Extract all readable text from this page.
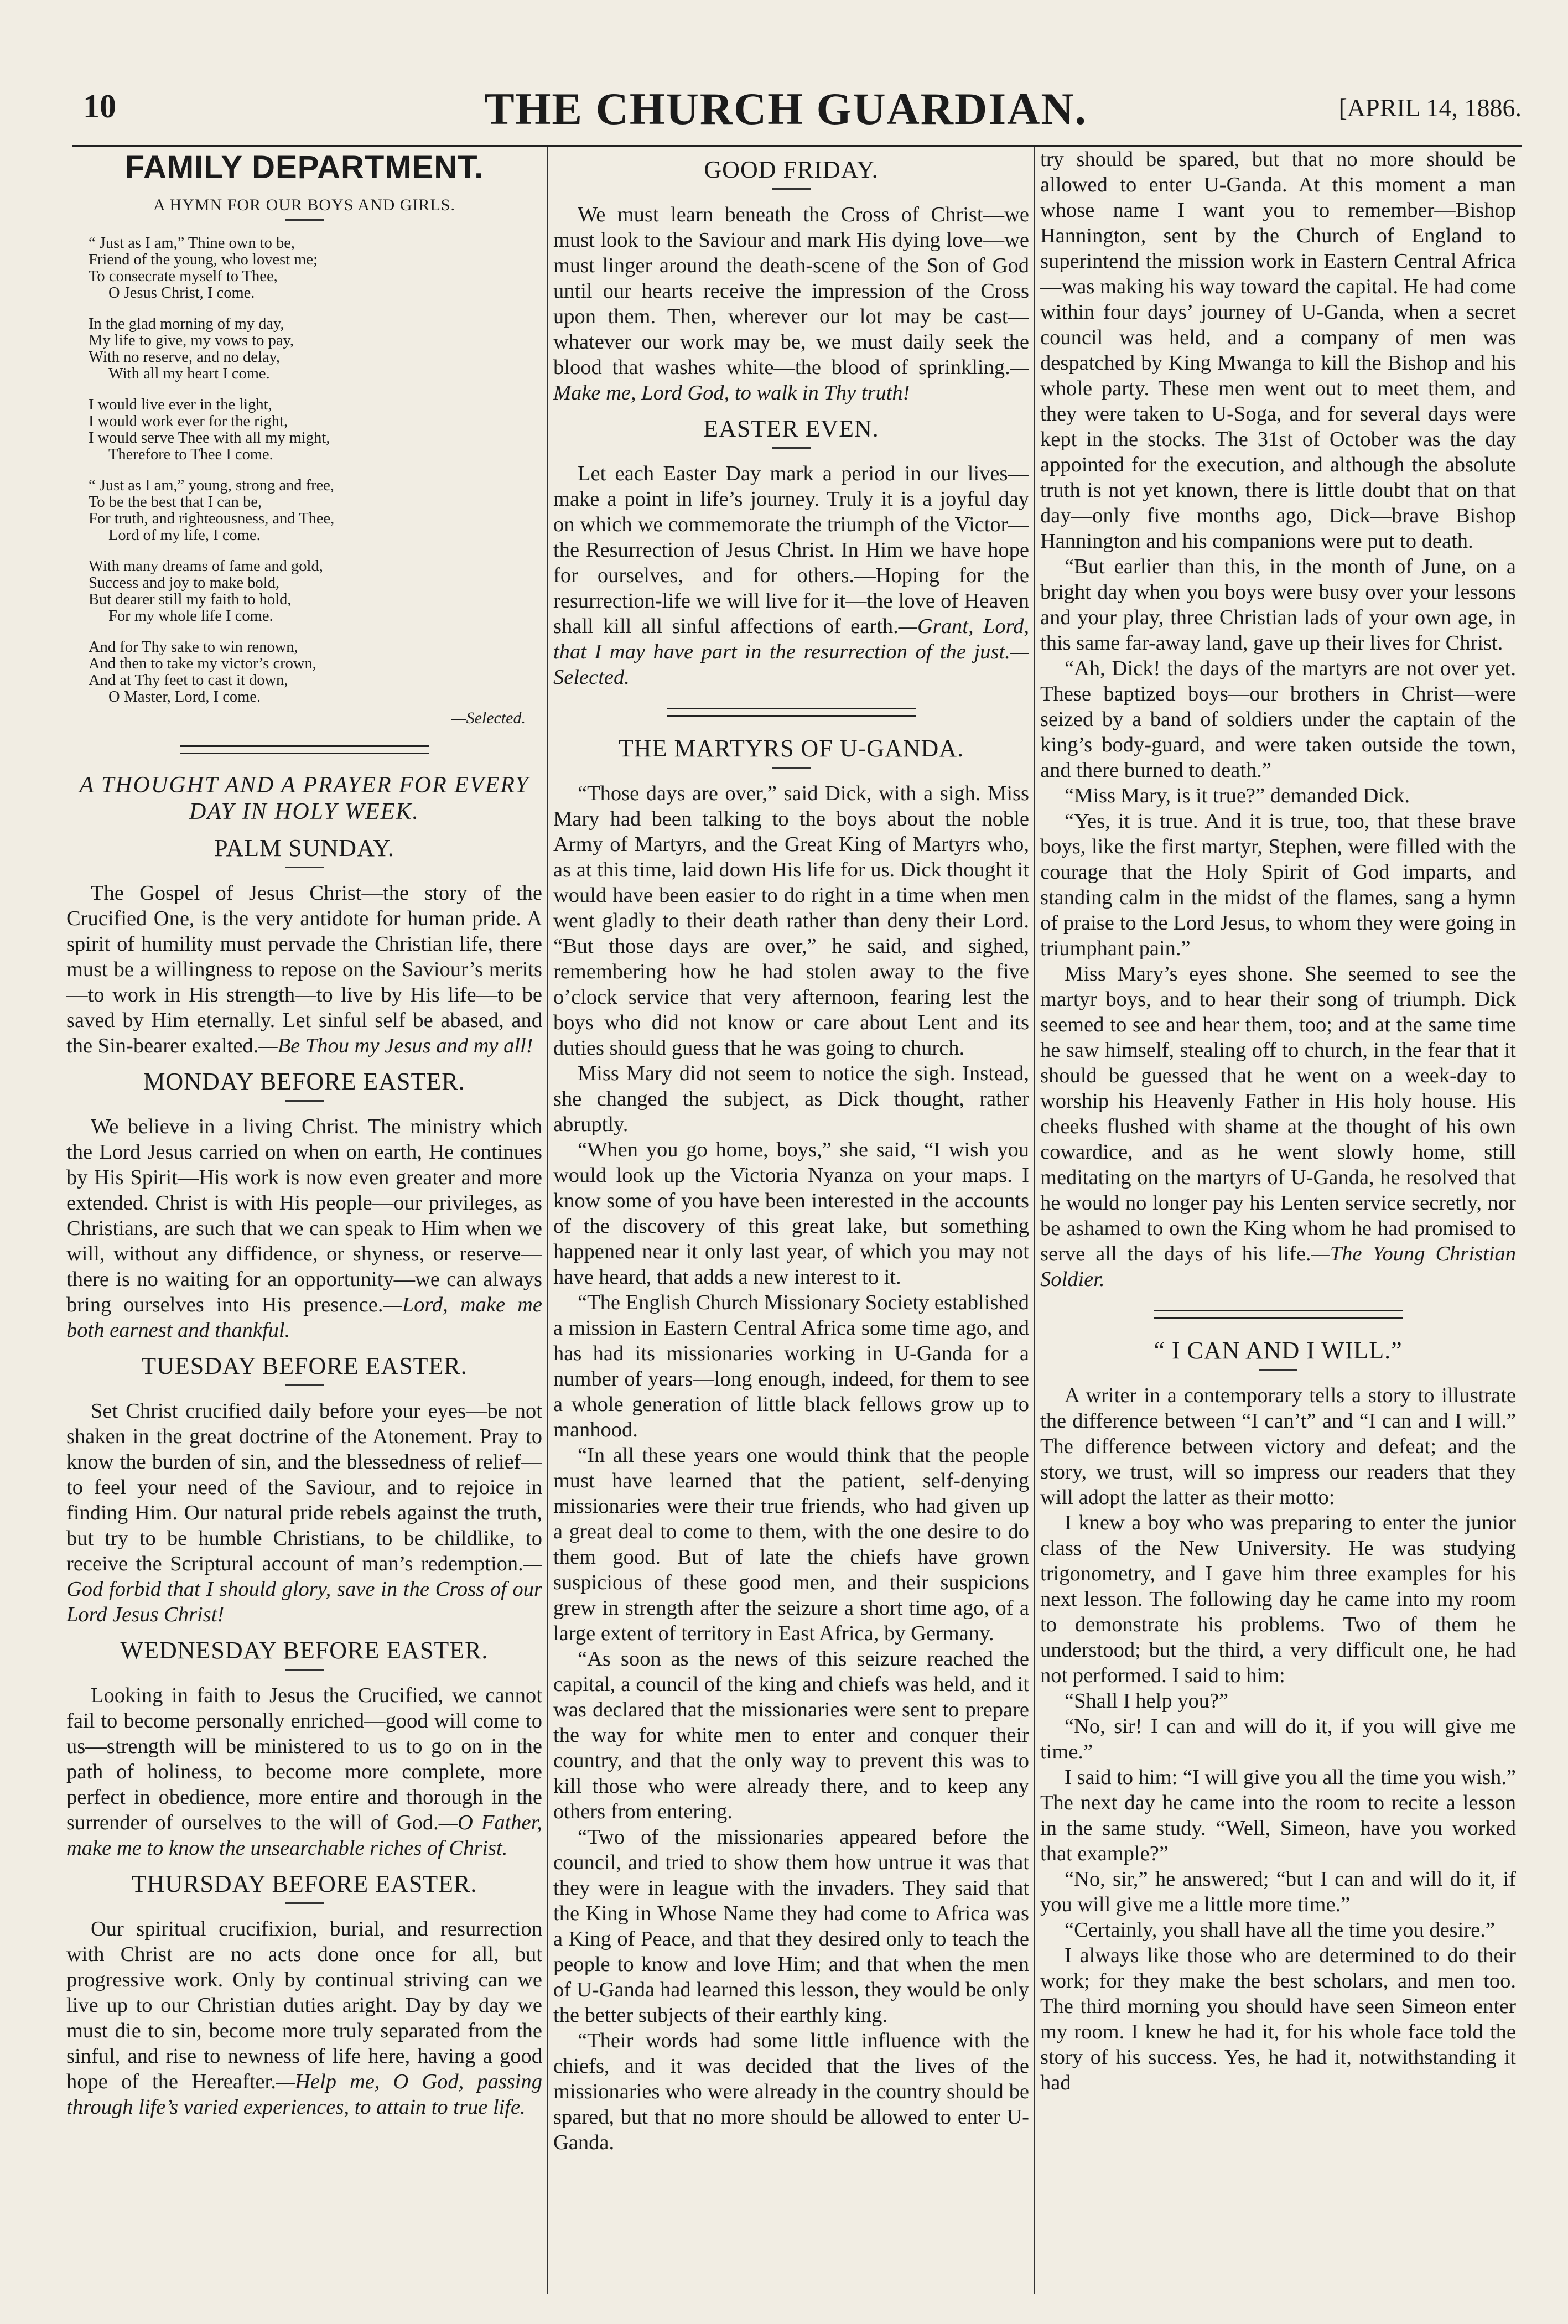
10	THE CHURCH GUARDIAN.	[APRIL 14, 1886.
FAMILY DEPARTMENT.
A HYMN FOR OUR BOYS AND GIRLS.
“ Just as I am,” Thine own to be,
Friend of the young, who lovest me;
To consecrate myself to Thee,
O Jesus Christ, I come.
In the glad morning of my day,
My life to give, my vows to pay,
With no reserve, and no delay,
With all my heart I come.
I would live ever in the light,
I would work ever for the right,
I would serve Thee with all my might,
Therefore to Thee I come.
“ Just as I am,” young, strong and free,
To be the best that I can be,
For truth, and righteousness, and Thee,
Lord of my life, I come.
With many dreams of fame and gold,
Success and joy to make bold,
But dearer still my faith to hold,
For my whole life I come.
And for Thy sake to win renown,
And then to take my victor’s crown,
And at Thy feet to cast it down,
O Master, Lord, I come.
—Selected.
A THOUGHT AND A PRAYER FOR EVERY DAY IN HOLY WEEK.
PALM SUNDAY.

The Gospel of Jesus Christ—the story of the Crucified One, is the very antidote for human pride. A spirit of humility must pervade the Christian life, there must be a willingness to repose on the Saviour’s merits—to work in His strength—to live by His life—to be saved by Him eternally. Let sinful self be abased, and the Sin-bearer exalted.—Be Thou my Jesus and my all!

MONDAY BEFORE EASTER.

We believe in a living Christ. The ministry which the Lord Jesus carried on when on earth, He continues by His Spirit—His work is now even greater and more extended. Christ is with His people—our privileges, as Christians, are such that we can speak to Him when we will, without any diffidence, or shyness, or reserve—there is no waiting for an opportunity—we can always bring ourselves into His presence.—Lord, make me both earnest and thankful.

TUESDAY BEFORE EASTER.

Set Christ crucified daily before your eyes—be not shaken in the great doctrine of the Atonement. Pray to know the burden of sin, and the blessedness of relief—to feel your need of the Saviour, and to rejoice in finding Him. Our natural pride rebels against the truth, but try to be humble Christians, to be childlike, to receive the Scriptural account of man’s redemption.—God forbid that I should glory, save in the Cross of our Lord Jesus Christ!

WEDNESDAY BEFORE EASTER.

Looking in faith to Jesus the Crucified, we cannot fail to become personally enriched—good will come to us—strength will be ministered to us to go on in the path of holiness, to become more complete, more perfect in obedience, more entire and thorough in the surrender of ourselves to the will of God.—O Father, make me to know the unsearchable riches of Christ.

THURSDAY BEFORE EASTER.

Our spiritual crucifixion, burial, and resurrection with Christ are no acts done once for all, but progressive work. Only by continual striving can we live up to our Christian duties aright. Day by day we must die to sin, become more truly separated from the sinful, and rise to newness of life here, having a good hope of the Hereafter.—Help me, O God, passing through life’s varied experiences, to attain to true life.

GOOD FRIDAY.

We must learn beneath the Cross of Christ—we must look to the Saviour and mark His dying love—we must linger around the death-scene of the Son of God until our hearts receive the impression of the Cross upon them. Then, wherever our lot may be cast—whatever our work may be, we must daily seek the blood that washes white—the blood of sprinkling.—Make me, Lord God, to walk in Thy truth!

EASTER EVEN.

Let each Easter Day mark a period in our lives—make a point in life’s journey. Truly it is a joyful day on which we commemorate the triumph of the Victor—the Resurrection of Jesus Christ. In Him we have hope for ourselves, and for others.—Hoping for the resurrection-life we will live for it—the love of Heaven shall kill all sinful affections of earth.—Grant, Lord, that I may have part in the resurrection of the just.—Selected.

THE MARTYRS OF U-GANDA.

“Those days are over,” said Dick, with a sigh. Miss Mary had been talking to the boys about the noble Army of Martyrs, and the Great King of Martyrs who, as at this time, laid down His life for us. Dick thought it would have been easier to do right in a time when men went gladly to their death rather than deny their Lord. “But those days are over,” he said, and sighed, remembering how he had stolen away to the five o’clock service that very afternoon, fearing lest the boys who did not know or care about Lent and its duties should guess that he was going to church.

Miss Mary did not seem to notice the sigh. Instead, she changed the subject, as Dick thought, rather abruptly.

“When you go home, boys,” she said, “I wish you would look up the Victoria Nyanza on your maps. I know some of you have been interested in the accounts of the discovery of this great lake, but something happened near it only last year, of which you may not have heard, that adds a new interest to it.

“The English Church Missionary Society established a mission in Eastern Central Africa some time ago, and has had its missionaries working in U-Ganda for a number of years—long enough, indeed, for them to see a whole generation of little black fellows grow up to manhood.

“In all these years one would think that the people must have learned that the patient, self-denying missionaries were their true friends, who had given up a great deal to come to them, with the one desire to do them good. But of late the chiefs have grown suspicious of these good men, and their suspicions grew in strength after the seizure a short time ago, of a large extent of territory in East Africa, by Germany.

“As soon as the news of this seizure reached the capital, a council of the king and chiefs was held, and it was declared that the missionaries were sent to prepare the way for white men to enter and conquer their country, and that the only way to prevent this was to kill those who were already there, and to keep any others from entering.

“Two of the missionaries appeared before the council, and tried to show them how untrue it was that they were in league with the invaders. They said that the King in Whose Name they had come to Africa was a King of Peace, and that they desired only to teach the people to know and love Him; and that when the men of U-Ganda had learned this lesson, they would be only the better subjects of their earthly king.

“Their words had some little influence with the chiefs, and it was decided that the lives of the missionaries who were already in the country should be spared, but that no more should be allowed to enter U-Ganda.

try should be spared, but that no more should be allowed to enter U-Ganda. At this moment a man whose name I want you to remember—Bishop Hannington, sent by the Church of England to superintend the mission work in Eastern Central Africa—was making his way toward the capital. He had come within four days’ journey of U-Ganda, when a secret council was held, and a company of men was despatched by King Mwanga to kill the Bishop and his whole party. These men went out to meet them, and they were taken to U-Soga, and for several days were kept in the stocks. The 31st of October was the day appointed for the execution, and although the absolute truth is not yet known, there is little doubt that on that day—only five months ago, Dick—brave Bishop Hannington and his companions were put to death.

“But earlier than this, in the month of June, on a bright day when you boys were busy over your lessons and your play, three Christian lads of your own age, in this same far-away land, gave up their lives for Christ.

“Ah, Dick! the days of the martyrs are not over yet. These baptized boys—our brothers in Christ—were seized by a band of soldiers under the captain of the king’s body-guard, and were taken outside the town, and there burned to death.”

“Miss Mary, is it true?” demanded Dick.

“Yes, it is true. And it is true, too, that these brave boys, like the first martyr, Stephen, were filled with the courage that the Holy Spirit of God imparts, and standing calm in the midst of the flames, sang a hymn of praise to the Lord Jesus, to whom they were going in triumphant pain.”

Miss Mary’s eyes shone. She seemed to see the martyr boys, and to hear their song of triumph. Dick seemed to see and hear them, too; and at the same time he saw himself, stealing off to church, in the fear that it should be guessed that he went on a week-day to worship his Heavenly Father in His holy house. His cheeks flushed with shame at the thought of his own cowardice, and as he went slowly home, still meditating on the martyrs of U-Ganda, he resolved that he would no longer pay his Lenten service secretly, nor be ashamed to own the King whom he had promised to serve all the days of his life.—The Young Christian Soldier.

“ I CAN AND I WILL.”

A writer in a contemporary tells a story to illustrate the difference between “I can’t” and “I can and I will.” The difference between victory and defeat; and the story, we trust, will so impress our readers that they will adopt the latter as their motto:

I knew a boy who was preparing to enter the junior class of the New University. He was studying trigonometry, and I gave him three examples for his next lesson. The following day he came into my room to demonstrate his problems. Two of them he understood; but the third, a very difficult one, he had not performed. I said to him:

“Shall I help you?”

“No, sir! I can and will do it, if you will give me time.”

I said to him: “I will give you all the time you wish.” The next day he came into the room to recite a lesson in the same study. “Well, Simeon, have you worked that example?”

“No, sir,” he answered; “but I can and will do it, if you will give me a little more time.”

“Certainly, you shall have all the time you desire.”

I always like those who are determined to do their work; for they make the best scholars, and men too. The third morning you should have seen Simeon enter my room. I knew he had it, for his whole face told the story of his success. Yes, he had it, notwithstanding it had
